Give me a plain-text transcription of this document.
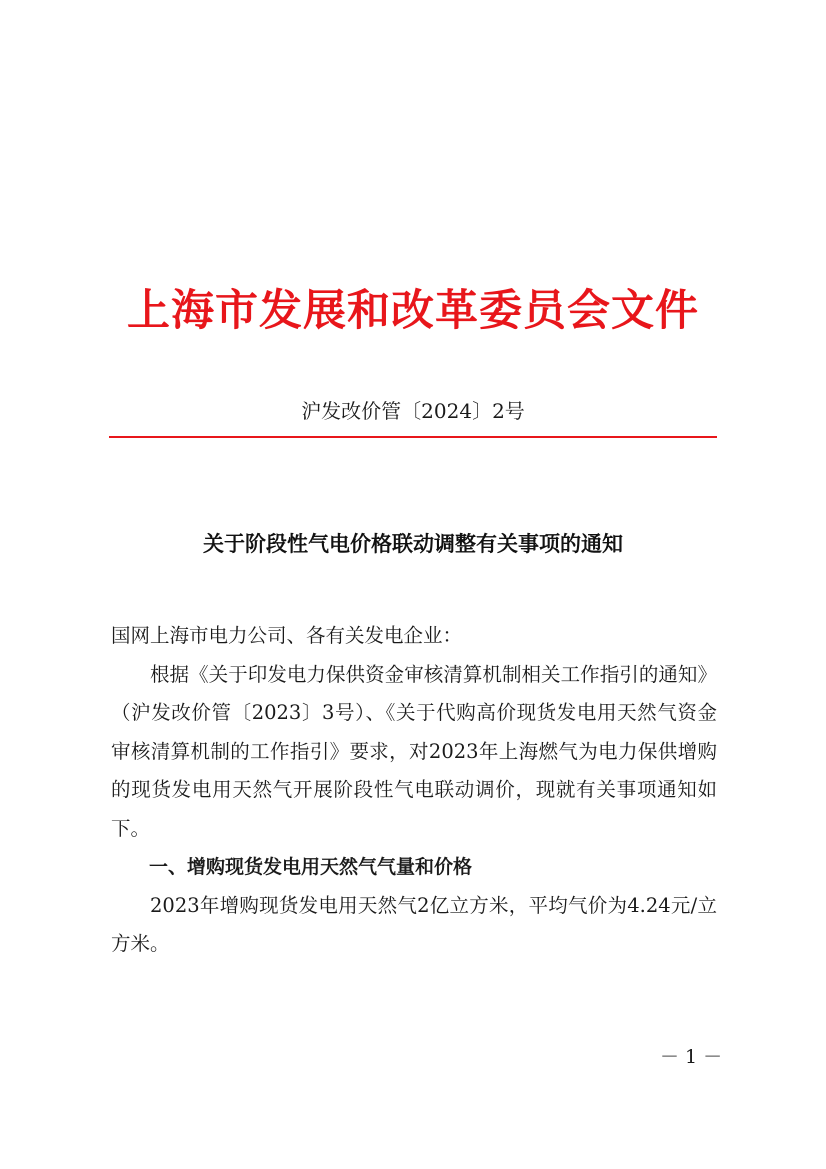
上海市发展和改革委员会文件
沪发改价管〔2024〕2号
关于阶段性气电价格联动调整有关事项的通知

国网上海市电力公司、各有关发电企业：

根据《关于印发电力保供资金审核清算机制相关工作指引的通知》（沪发改价管〔2023〕3号）、《关于代购高价现货发电用天然气资金审核清算机制的工作指引》要求，对2023年上海燃气为电力保供增购的现货发电用天然气开展阶段性气电联动调价，现就有关事项通知如下。

一、增购现货发电用天然气气量和价格

2023年增购现货发电用天然气2亿立方米，平均气价为4.24元/立方米。

－ 1 －
